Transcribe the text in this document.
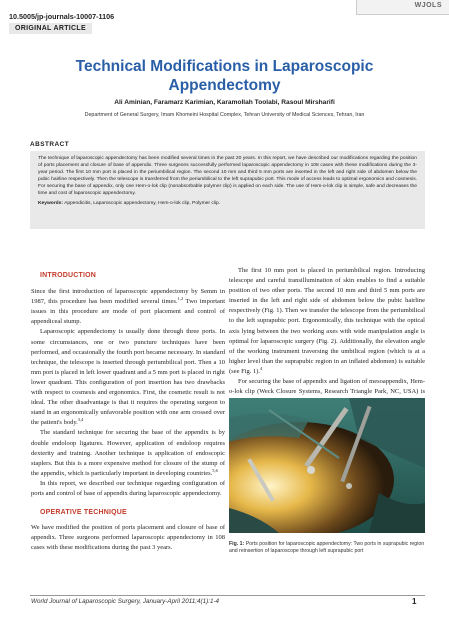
WJOLS
10.5005/jp-journals-10007-1106
ORIGINAL ARTICLE
Technical Modifications in Laparoscopic
Appendectomy
Ali Aminian, Faramarz Karimian, Karamollah Toolabi, Rasoul Mirsharifi
Department of General Surgery, Imam Khomeini Hospital Complex, Tehran University of Medical Sciences, Tehran, Iran
ABSTRACT

The technique of laparoscopic appendectomy has been modified several times in the past 20 years. In this report, we have described our modifications regarding the position of ports placement and closure of base of appendix. Three surgeons successfully performed laparoscopic appendectomy in 108 cases with these modifications during the 3-year period. The first 10 mm port is placed in the periumbilical region. The second 10 mm and third 5 mm ports are inserted in the left and right side of abdomen below the pubic hairline respectively. Then the telescope is transferred from the periumbilical to the left suprapubic port. This mode of access leads to optimal ergonomics and cosmesis. For securing the base of appendix, only one Hem-o-lok clip (nonabsorbable polymer clip) is applied on each side. The use of Hem-o-lok clip is simple, safe and decreases the time and cost of laparoscopic appendectomy.

Keywords: Appendicitis, Laparoscopic appendectomy, Hem-o-lok clip, Polymer clip.

INTRODUCTION

Since the first introduction of laparoscopic appendectomy by Semm in 1987, this procedure has been modified several times.$^{1,2}$ Two important issues in this procedure are mode of port placement and control of appendiceal stump.

Laparoscopic appendectomy is usually done through three ports. In some circumstances, one or two puncture techniques have been performed, and occasionally the fourth port became necessary. In standard technique, the telescope is inserted through periumbilical port. Then a 10 mm port is placed in left lower quadrant and a 5 mm port is placed in right lower quadrant. This configuration of port insertion has two drawbacks with respect to cosmesis and ergonomics. First, the cosmetic result is not ideal. The other disadvantage is that it requires the operating surgeon to stand in an ergonomically unfavorable position with one arm crossed over the patient's body.$^{3,4}$

The standard technique for securing the base of the appendix is by double endoloop ligatures. However, application of endoloop requires dexterity and training. Another technique is application of endoscopic staplers. But this is a more expensive method for closure of the stump of the appendix, which is particularly important in developing countries.$^{5,6}$

In this report, we described our technique regarding configuration of ports and control of base of appendix during laparoscopic appendectomy.

OPERATIVE TECHNIQUE

We have modified the position of ports placement and closure of base of appendix. Three surgeons performed laparoscopic appendectomy in 108 cases with these modifications during the past 3 years.

The first 10 mm port is placed in periumbilical region. Introducing telescope and careful transillumination of skin enables to find a suitable position of two other ports. The second 10 mm and third 5 mm ports are inserted in the left and right side of abdomen below the pubic hairline respectively (Fig. 1). Then we transfer the telescope from the periumbilical to the left suprapubic port. Ergonomically, this technique with the optical axis lying between the two working axes with wide manipulation angle is optimal for laparoscopic surgery (Fig. 2). Additionally, the elevation angle of the working instrument traversing the umbilical region (which is at a higher level than the suprapubic region in an inflated abdomen) is suitable (see Fig. 1).$^4$

For securing the base of appendix and ligation of mesoappendix, Hem-o-lok clip (Weck Closure Systems, Research Triangle Park, NC, USA) is

Fig. 1: Ports position for laparoscopic appendectomy: Two ports in suprapubic region and reinsertion of laparoscope through left suprapubic port
World Journal of Laparoscopic Surgery, January-April 2011;4(1):1-4	1
